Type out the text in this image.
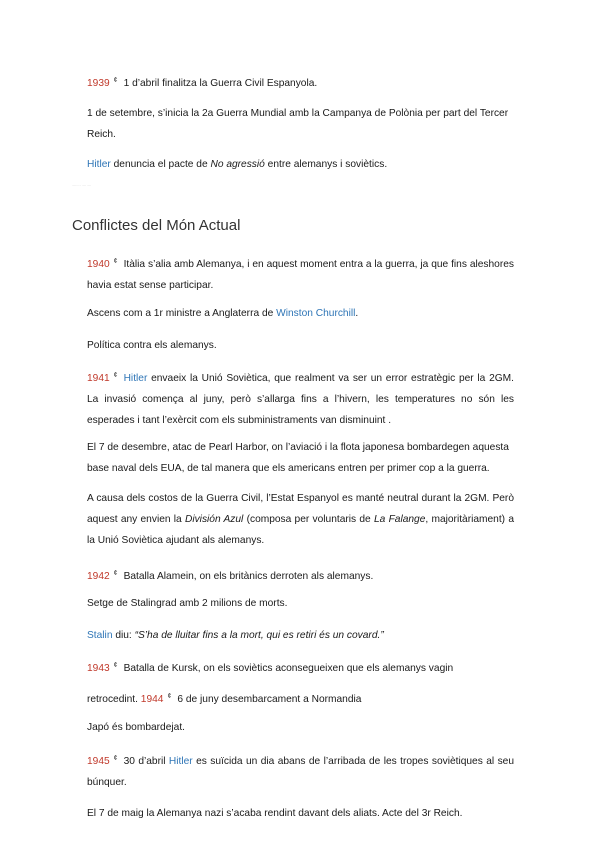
1939 ¢ 1 d’abril finalitza la Guerra Civil Espanyola.
1 de setembre, s’inicia la 2a Guerra Mundial amb la Campanya de Polònia per part del Tercer Reich.
Hitler denuncia el pacte de No agressió entre alemanys i soviètics.
........ .. ..... .....
Conflictes del Món Actual
1940 ¢ Itàlia s’alia amb Alemanya, i en aquest moment entra a la guerra, ja que fins aleshores havia estat sense participar.
Ascens com a 1r ministre a Anglaterra de Winston Churchill.
Política contra els alemanys.
1941 ¢ Hitler envaeix la Unió Soviètica, que realment va ser un error estratègic per la 2GM. La invasió comença al juny, però s’allarga fins a l’hivern, les temperatures no són les esperades i tant l’exèrcit com els subministraments van disminuint .
El 7 de desembre, atac de Pearl Harbor, on l’aviació i la flota japonesa bombardegen aquesta base naval dels EUA, de tal manera que els americans entren per primer cop a la guerra.
A causa dels costos de la Guerra Civil, l’Estat Espanyol es manté neutral durant la 2GM. Però aquest any envien la División Azul (composa per voluntaris de La Falange, majoritàriament) a la Unió Soviètica ajudant als alemanys.
1942 ¢ Batalla Alamein, on els britànics derroten als alemanys.
Setge de Stalingrad amb 2 milions de morts.
Stalin diu: “S’ha de lluitar fins a la mort, qui es retiri és un covard.”
1943 ¢ Batalla de Kursk, on els soviètics aconsegueixen que els alemanys vagin
retrocedint. 1944 ¢ 6 de juny desembarcament a Normandia
Japó és bombardejat.
1945 ¢ 30 d’abril Hitler es suïcida un dia abans de l’arribada de les tropes soviètiques al seu búnquer.
El 7 de maig la Alemanya nazi s’acaba rendint davant dels aliats. Acte del 3r Reich.
